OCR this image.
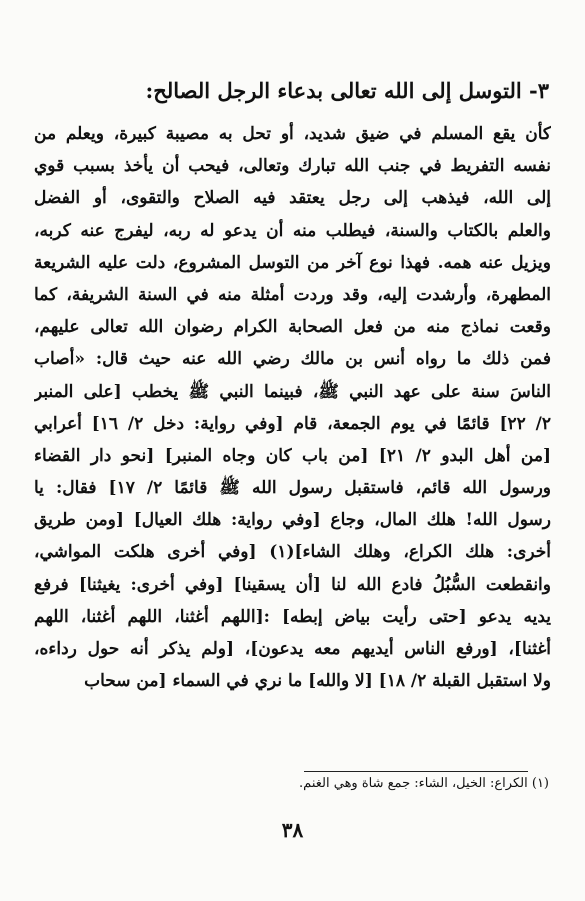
٣- التوسل إلى الله تعالى بدعاء الرجل الصالح:
كأن يقع المسلم في ضيق شديد، أو تحل به مصيبة كبيرة، ويعلم من
نفسه التفريط في جنب الله تبارك وتعالى، فيحب أن يأخذ بسبب قوي
إلى الله، فيذهب إلى رجل يعتقد فيه الصلاح والتقوى، أو الفضل
والعلم بالكتاب والسنة، فيطلب منه أن يدعو له ربه، ليفرج عنه كربه،
ويزيل عنه همه. فهذا نوع آخر من التوسل المشروع، دلت عليه الشريعة
المطهرة، وأرشدت إليه، وقد وردت أمثلة منه في السنة الشريفة، كما
وقعت نماذج منه من فعل الصحابة الكرام رضوان الله تعالى عليهم،
فمن ذلك ما رواه أنس بن مالك رضي الله عنه حيث قال: «أصاب
الناسَ سنة على عهد النبي ﷺ، فبينما النبي ﷺ يخطب [على المنبر
٢/ ٢٢] قائمًا في يوم الجمعة، قام [وفي رواية: دخل ٢/ ١٦] أعرابي
[من أهل البدو ٢/ ٢١] [من باب كان وجاه المنبر] [نحو دار القضاء
ورسول الله قائم، فاستقبل رسول الله ﷺ قائمًا ٢/ ١٧] فقال: يا
رسول الله! هلك المال، وجاع [وفي رواية: هلك العيال] [ومن طريق
أخرى: هلك الكراع، وهلك الشاء](١) [وفي أخرى هلكت المواشي،
وانقطعت السُّبُلُ فادع الله لنا [أن يسقينا] [وفي أخرى: يغيثنا] فرفع
يديه يدعو [حتى رأيت بياض إبطه] :[اللهم أغثنا، اللهم أغثنا، اللهم
أغثنا]، [ورفع الناس أيديهم معه يدعون]، [ولم يذكر أنه حول رداءه،
ولا استقبل القبلة ٢/ ١٨] [لا والله] ما نري في السماء [من سحاب
(١) الكراع: الخيل، الشاء: جمع شاة وهي الغنم.
٣٨
